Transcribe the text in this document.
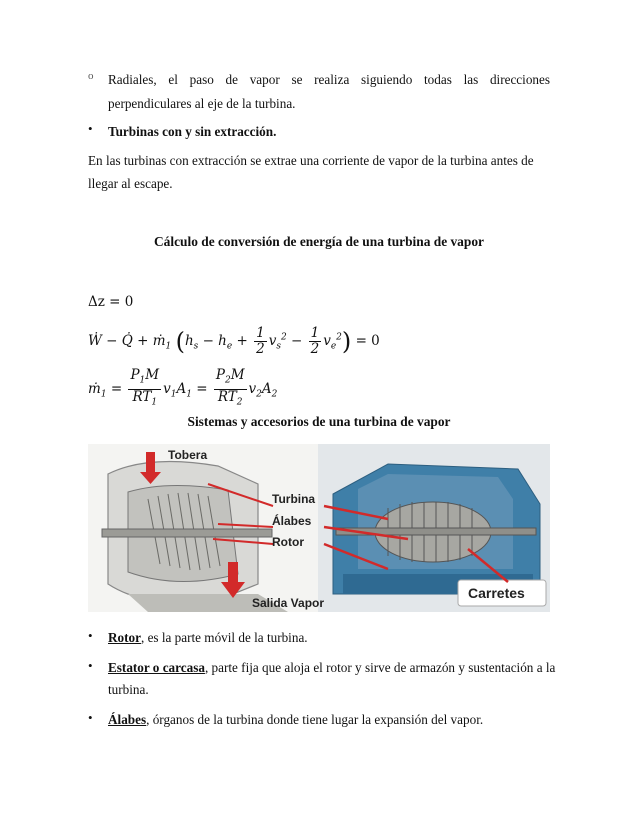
o Radiales, el paso de vapor se realiza siguiendo todas las direcciones
perpendiculares al eje de la turbina.
• Turbinas con y sin extracción.
En las turbinas con extracción se extrae una corriente de vapor de la turbina antes de
llegar al escape.
Cálculo de conversión de energía de una turbina de vapor
Δz = 0
Ẇ − Q̇ + ṁ$_1$ $(h_s - h_e + \frac{1}{2} v_s^2 - \frac{1}{2} v_e^2) = 0$
ṁ$_1$ = $\frac{P_1M}{RT_1} v_1A_1 = \frac{P_2M}{RT_2} v_2A_2$
Sistemas y accesorios de una turbina de vapor
Tobera
Turbina
Álabes
Rotor
Salida Vapor
Carretes
• Rotor, es la parte móvil de la turbina.
• Estator o carcasa, parte fija que aloja el rotor y sirve de armazón y sustentación a la
turbina.
• Álabes, órganos de la turbina donde tiene lugar la expansión del vapor.
